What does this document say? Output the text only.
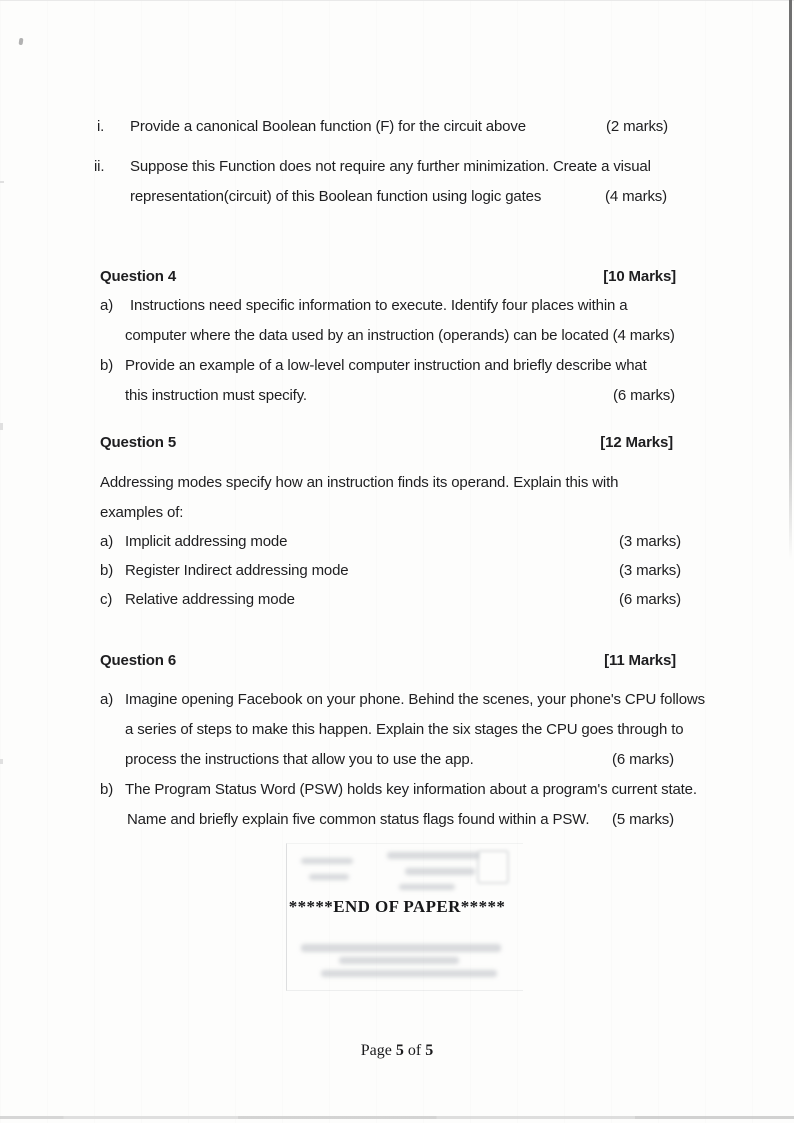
i. Provide a canonical Boolean function (F) for the circuit above	(2 marks)
ii. Suppose this Function does not require any further minimization. Create a visual
representation(circuit) of this Boolean function using logic gates	(4 marks)
Question 4	[10 Marks]
a) Instructions need specific information to execute. Identify four places within a
computer where the data used by an instruction (operands) can be located (4 marks)
b) Provide an example of a low-level computer instruction and briefly describe what
this instruction must specify.	(6 marks)
Question 5	[12 Marks]
Addressing modes specify how an instruction finds its operand. Explain this with
examples of:
a) Implicit addressing mode	(3 marks)
b) Register Indirect addressing mode	(3 marks)
c) Relative addressing mode	(6 marks)
Question 6	[11 Marks]
a) Imagine opening Facebook on your phone. Behind the scenes, your phone's CPU follows
a series of steps to make this happen. Explain the six stages the CPU goes through to
process the instructions that allow you to use the app.	(6 marks)
b) The Program Status Word (PSW) holds key information about a program's current state.
Name and briefly explain five common status flags found within a PSW. (5 marks)
*****END OF PAPER*****
Page 5 of 5
